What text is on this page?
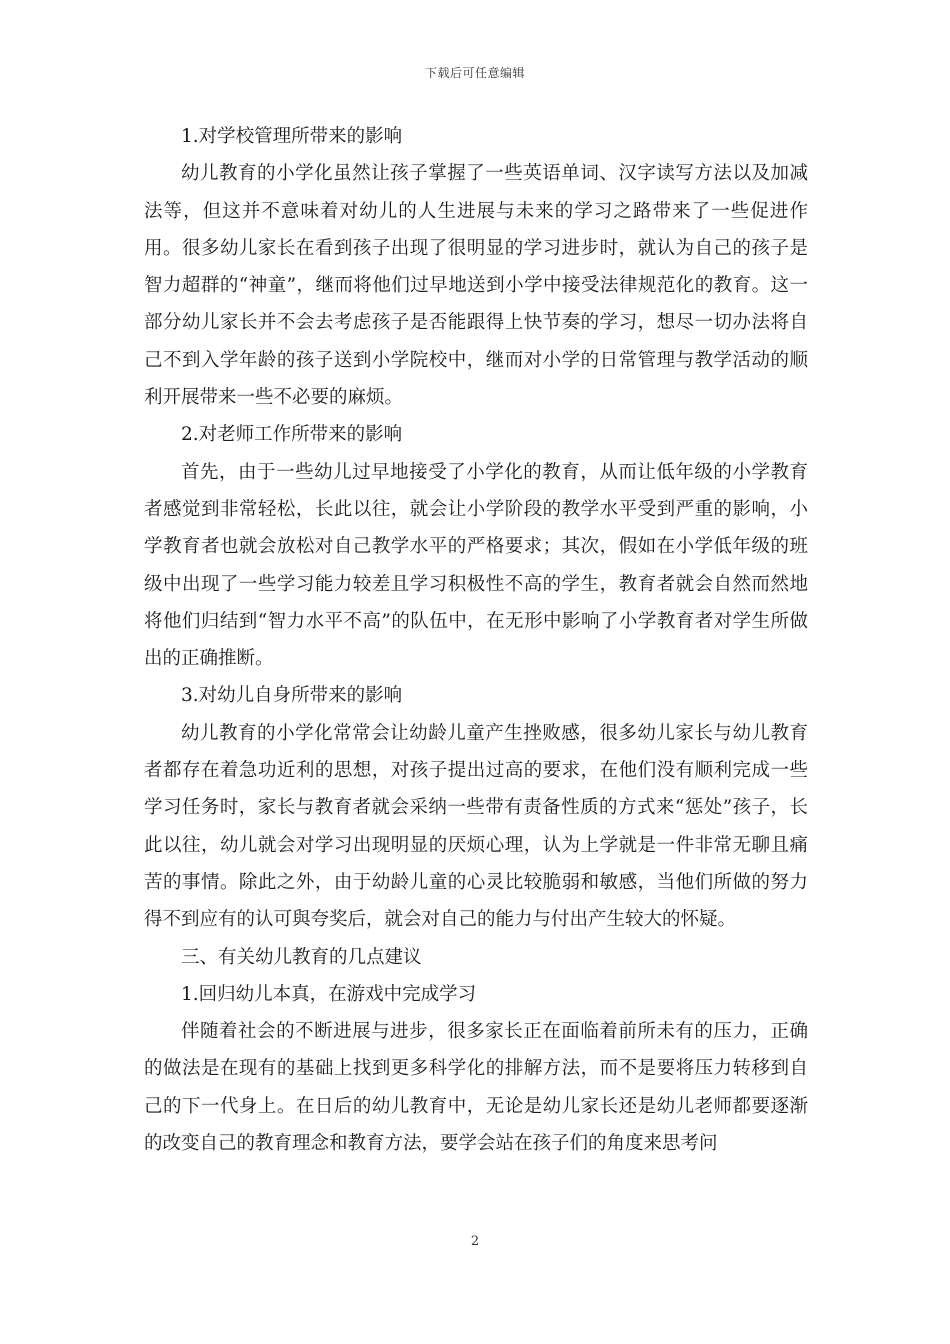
下载后可任意编辑

1.对学校管理所带来的影响

幼儿教育的小学化虽然让孩子掌握了一些英语单词、汉字读写方法以及加减法等，但这并不意味着对幼儿的人生进展与未来的学习之路带来了一些促进作用。很多幼儿家长在看到孩子出现了很明显的学习进步时，就认为自己的孩子是智力超群的“神童”，继而将他们过早地送到小学中接受法律规范化的教育。这一部分幼儿家长并不会去考虑孩子是否能跟得上快节奏的学习，想尽一切办法将自己不到入学年龄的孩子送到小学院校中，继而对小学的日常管理与教学活动的顺利开展带来一些不必要的麻烦。

2.对老师工作所带来的影响

首先，由于一些幼儿过早地接受了小学化的教育，从而让低年级的小学教育者感觉到非常轻松，长此以往，就会让小学阶段的教学水平受到严重的影响，小学教育者也就会放松对自己教学水平的严格要求；其次，假如在小学低年级的班级中出现了一些学习能力较差且学习积极性不高的学生，教育者就会自然而然地将他们归结到“智力水平不高”的队伍中，在无形中影响了小学教育者对学生所做出的正确推断。

3.对幼儿自身所带来的影响

幼儿教育的小学化常常会让幼龄儿童产生挫败感，很多幼儿家长与幼儿教育者都存在着急功近利的思想，对孩子提出过高的要求，在他们没有顺利完成一些学习任务时，家长与教育者就会采纳一些带有责备性质的方式来“惩处”孩子，长此以往，幼儿就会对学习出现明显的厌烦心理，认为上学就是一件非常无聊且痛苦的事情。除此之外，由于幼龄儿童的心灵比较脆弱和敏感，当他们所做的努力得不到应有的认可與夸奖后，就会对自己的能力与付出产生较大的怀疑。

三、有关幼儿教育的几点建议

1.回归幼儿本真，在游戏中完成学习

伴随着社会的不断进展与进步，很多家长正在面临着前所未有的压力，正确的做法是在现有的基础上找到更多科学化的排解方法，而不是要将压力转移到自己的下一代身上。在日后的幼儿教育中，无论是幼儿家长还是幼儿老师都要逐渐的改变自己的教育理念和教育方法，要学会站在孩子们的角度来思考问

2
